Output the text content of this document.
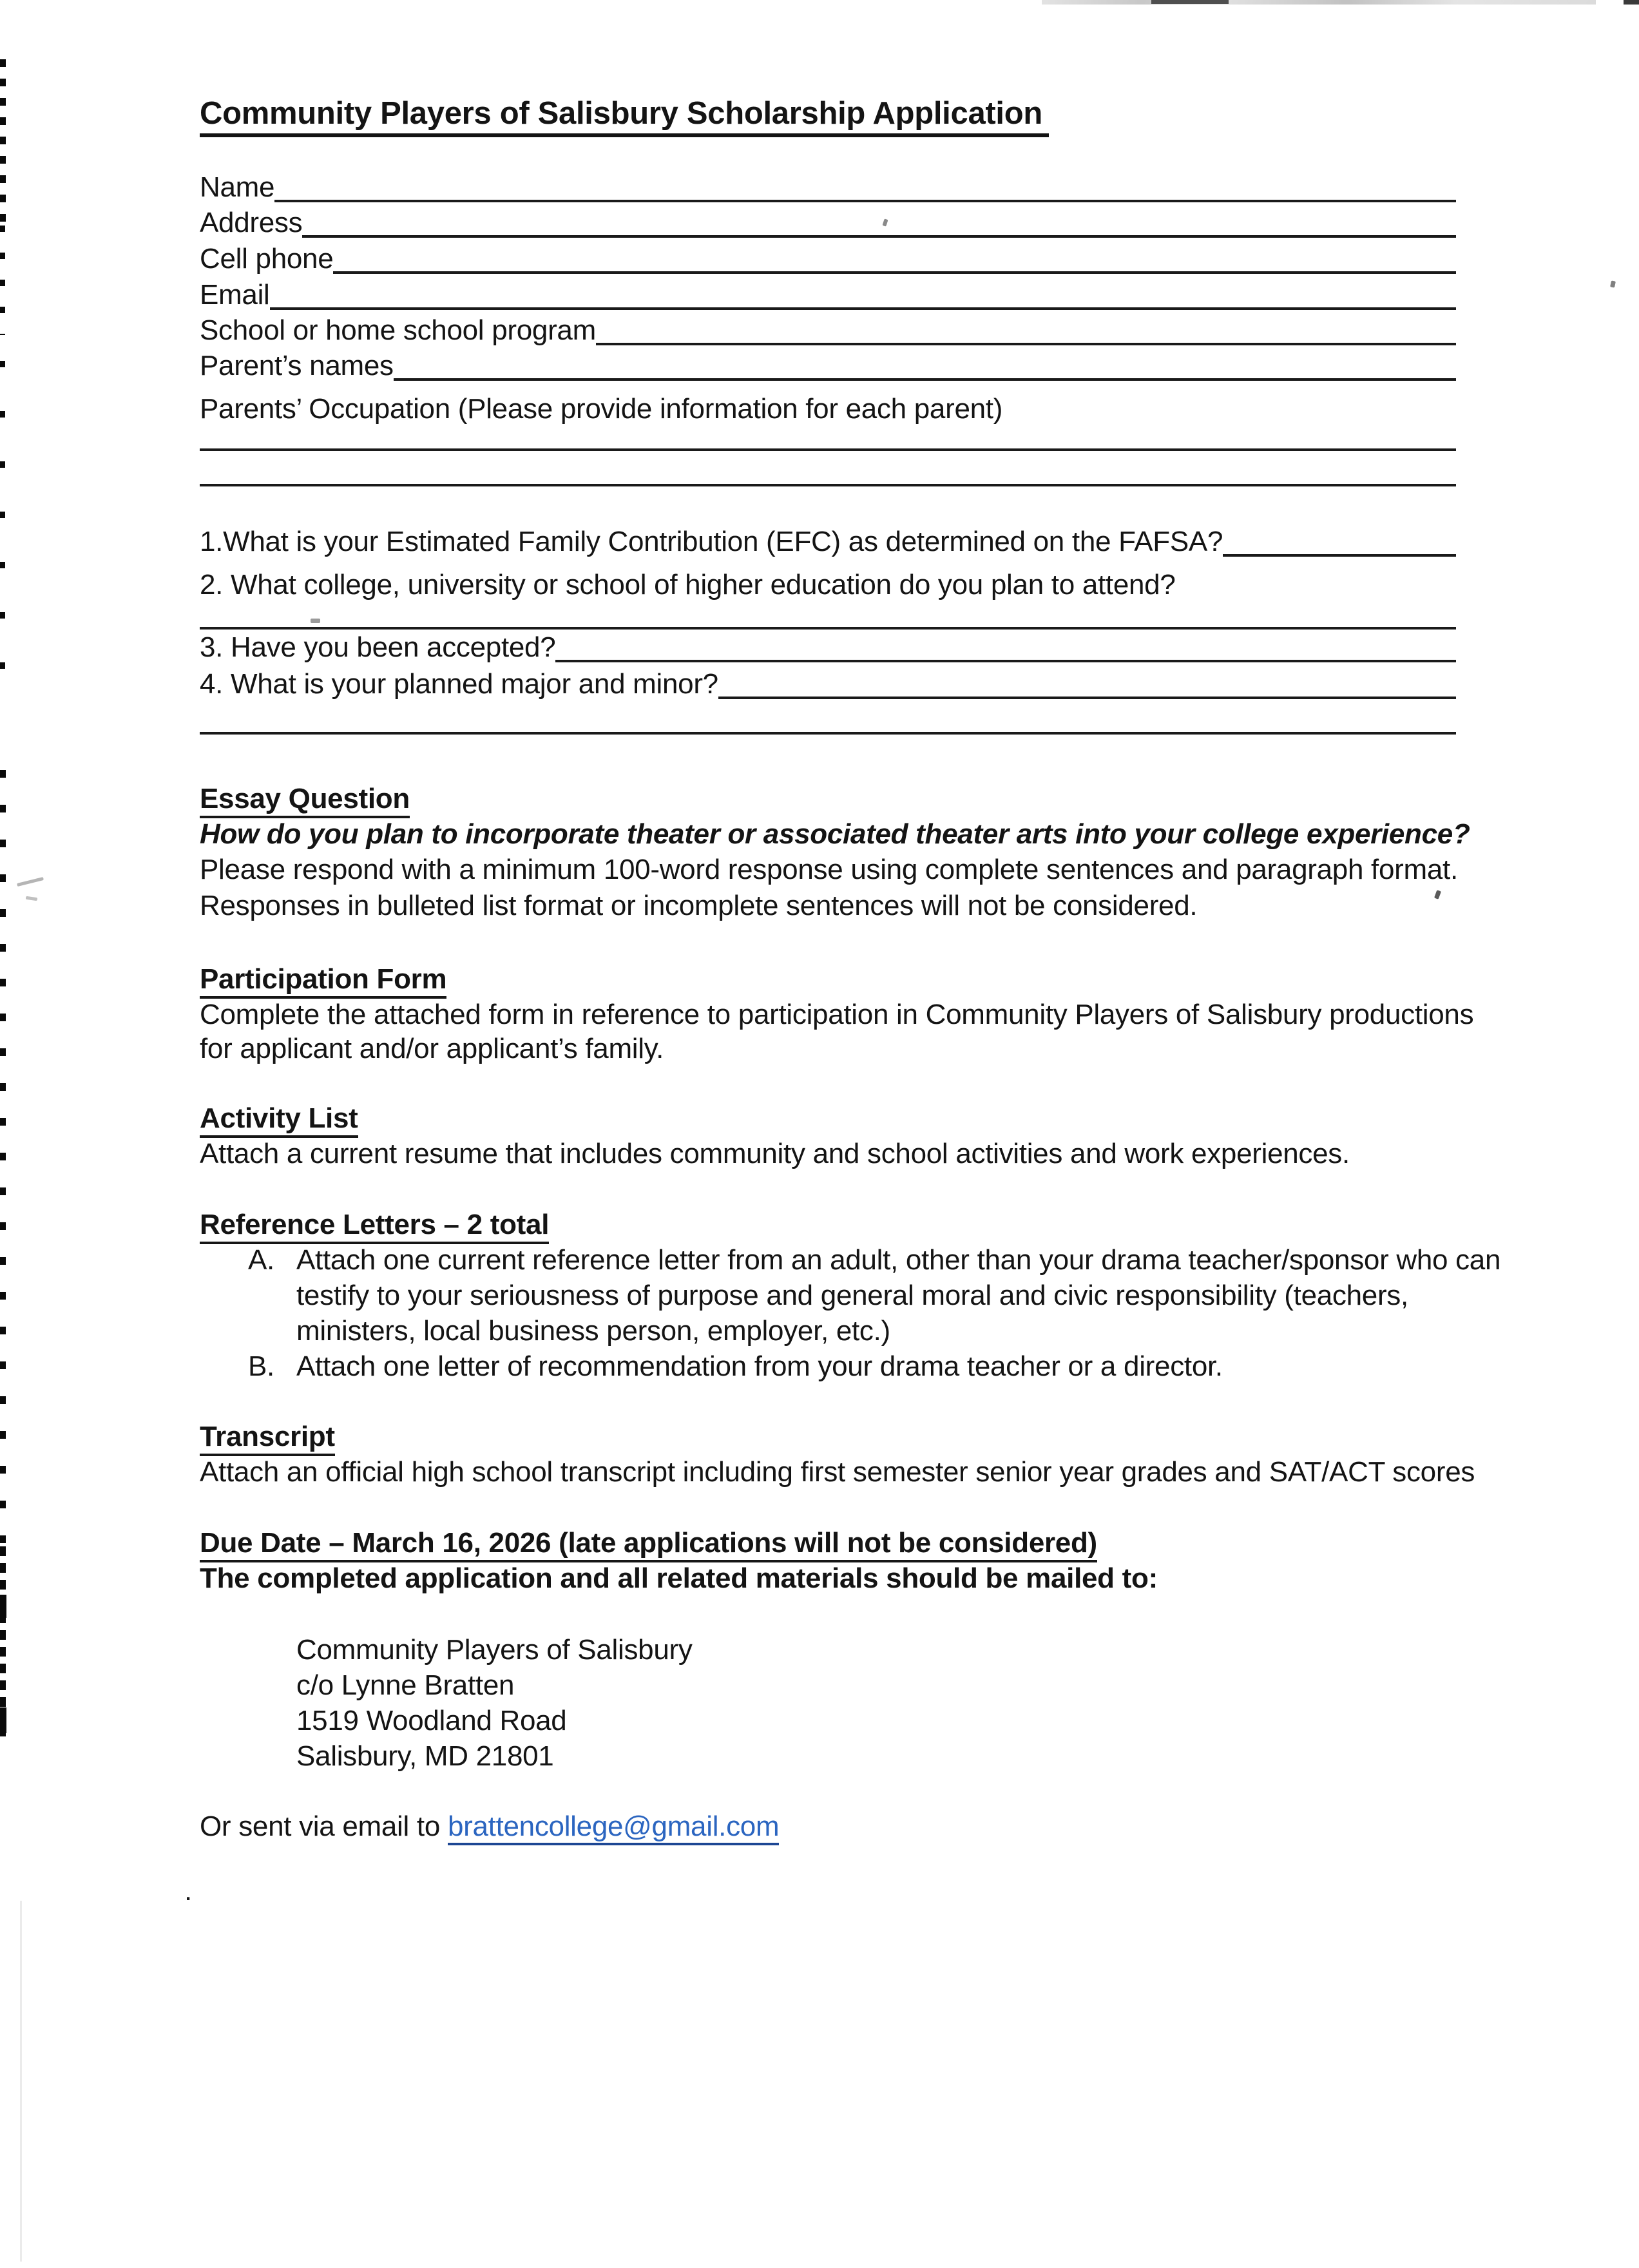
Community Players of Salisbury Scholarship Application
Name
Address
Cell phone
Email
School or home school program
Parent’s names
Parents’ Occupation (Please provide information for each parent)
1.What is your Estimated Family Contribution (EFC) as determined on the FAFSA?
2. What college, university or school of higher education do you plan to attend?
3. Have you been accepted?
4. What is your planned major and minor?
Essay Question
How do you plan to incorporate theater or associated theater arts into your college experience?
Please respond with a minimum 100-word response using complete sentences and paragraph format.
Responses in bulleted list format or incomplete sentences will not be considered.
Participation Form
Complete the attached form in reference to participation in Community Players of Salisbury productions
for applicant and/or applicant’s family.
Activity List
Attach a current resume that includes community and school activities and work experiences.
Reference Letters – 2 total
A. Attach one current reference letter from an adult, other than your drama teacher/sponsor who can
testify to your seriousness of purpose and general moral and civic responsibility (teachers,
ministers, local business person, employer, etc.)
B. Attach one letter of recommendation from your drama teacher or a director.
Transcript
Attach an official high school transcript including first semester senior year grades and SAT/ACT scores
Due Date – March 16, 2026 (late applications will not be considered)
The completed application and all related materials should be mailed to:
Community Players of Salisbury
c/o Lynne Bratten
1519 Woodland Road
Salisbury, MD 21801
Or sent via email to brattencollege@gmail.com
.
